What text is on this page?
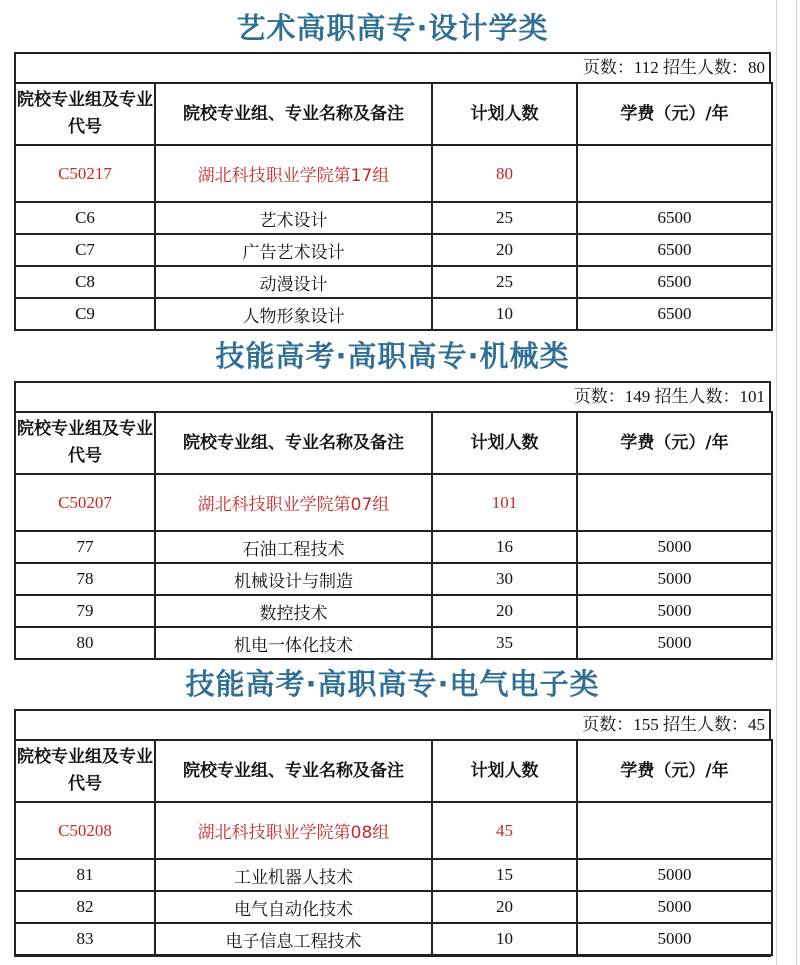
艺术高职高专·设计学类
页数：112 招生人数：80
院校专业组及专业代号	院校专业组、专业名称及备注	计划人数	学费（元）/年
C50217	湖北科技职业学院第17组	80	
C6	艺术设计	25	6500
C7	广告艺术设计	20	6500
C8	动漫设计	25	6500
C9	人物形象设计	10	6500
技能高考·高职高专·机械类
页数：149 招生人数：101
院校专业组及专业代号	院校专业组、专业名称及备注	计划人数	学费（元）/年
C50207	湖北科技职业学院第07组	101	
77	石油工程技术	16	5000
78	机械设计与制造	30	5000
79	数控技术	20	5000
80	机电一体化技术	35	5000
技能高考·高职高专·电气电子类
页数：155 招生人数：45
院校专业组及专业代号	院校专业组、专业名称及备注	计划人数	学费（元）/年
C50208	湖北科技职业学院第08组	45	
81	工业机器人技术	15	5000
82	电气自动化技术	20	5000
83	电子信息工程技术	10	5000
